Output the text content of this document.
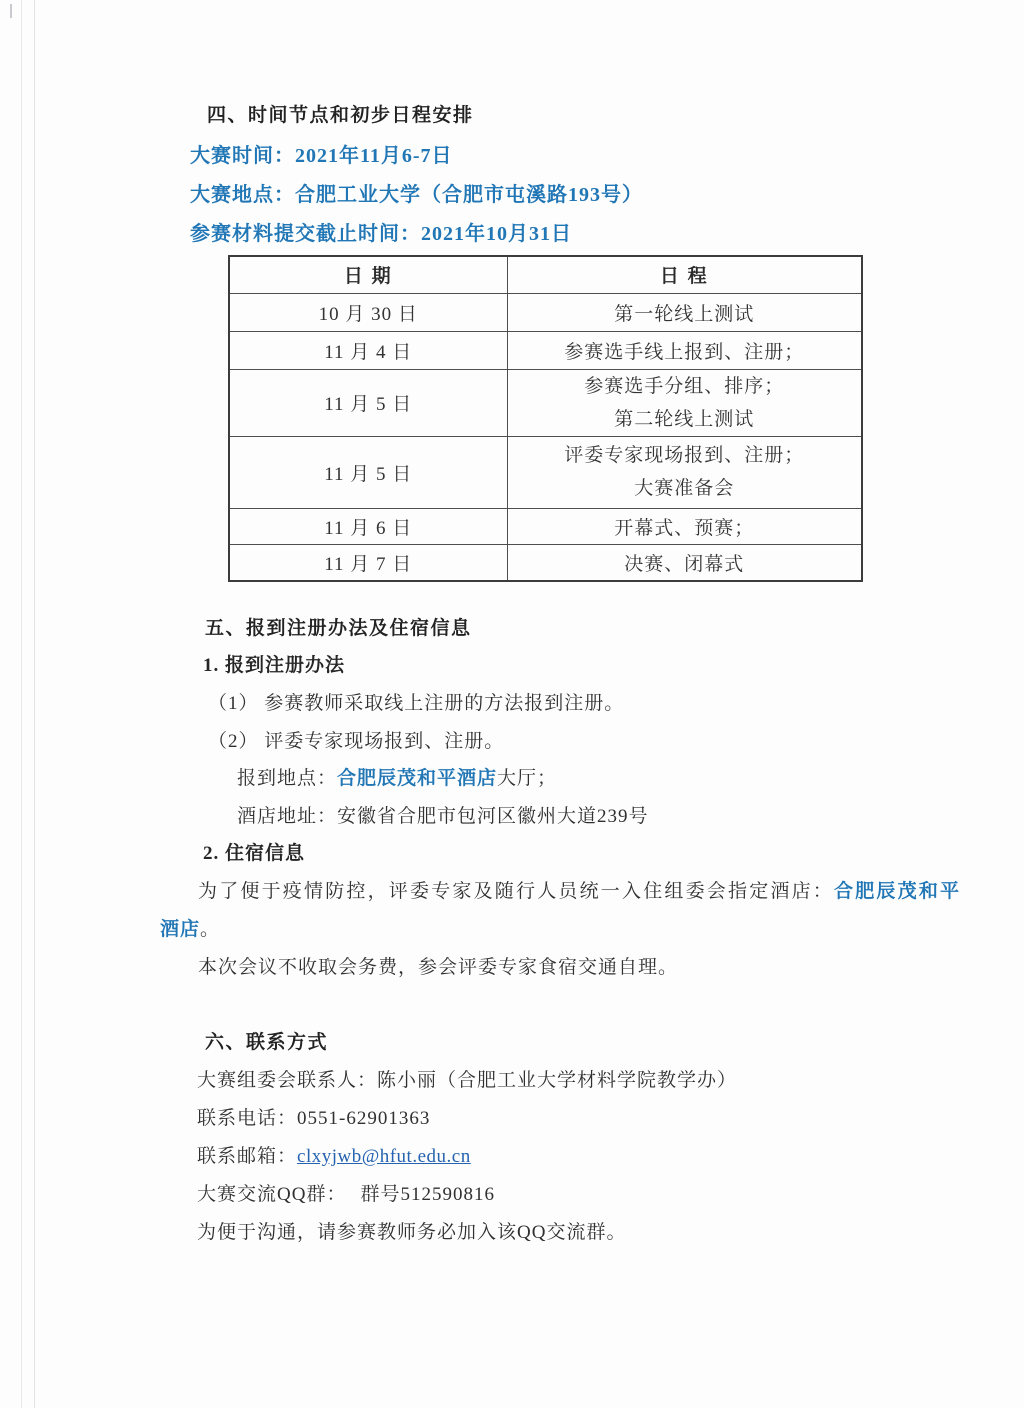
四、时间节点和初步日程安排
大赛时间：2021年11月6-7日
大赛地点：合肥工业大学（合肥市屯溪路193号）
参赛材料提交截止时间：2021年10月31日
日 期	日 程
10 月 30 日	第一轮线上测试
11 月 4 日	参赛选手线上报到、注册；
11 月 5 日	参赛选手分组、排序；
第二轮线上测试

11 月 5 日	评委专家现场报到、注册；
大赛准备会

11 月 6 日	开幕式、预赛；
11 月 7 日	决赛、闭幕式
五、报到注册办法及住宿信息
1. 报到注册办法
（1） 参赛教师采取线上注册的方法报到注册。
（2） 评委专家现场报到、注册。
报到地点：合肥辰茂和平酒店大厅；
酒店地址：安徽省合肥市包河区徽州大道239号
2. 住宿信息
为了便于疫情防控，评委专家及随行人员统一入住组委会指定酒店：合肥辰茂和平
酒店。
本次会议不收取会务费，参会评委专家食宿交通自理。
六、联系方式
大赛组委会联系人：陈小丽（合肥工业大学材料学院教学办）
联系电话：0551-62901363
联系邮箱：clxyjwb@hfut.edu.cn
大赛交流QQ群： 群号512590816
为便于沟通，请参赛教师务必加入该QQ交流群。
